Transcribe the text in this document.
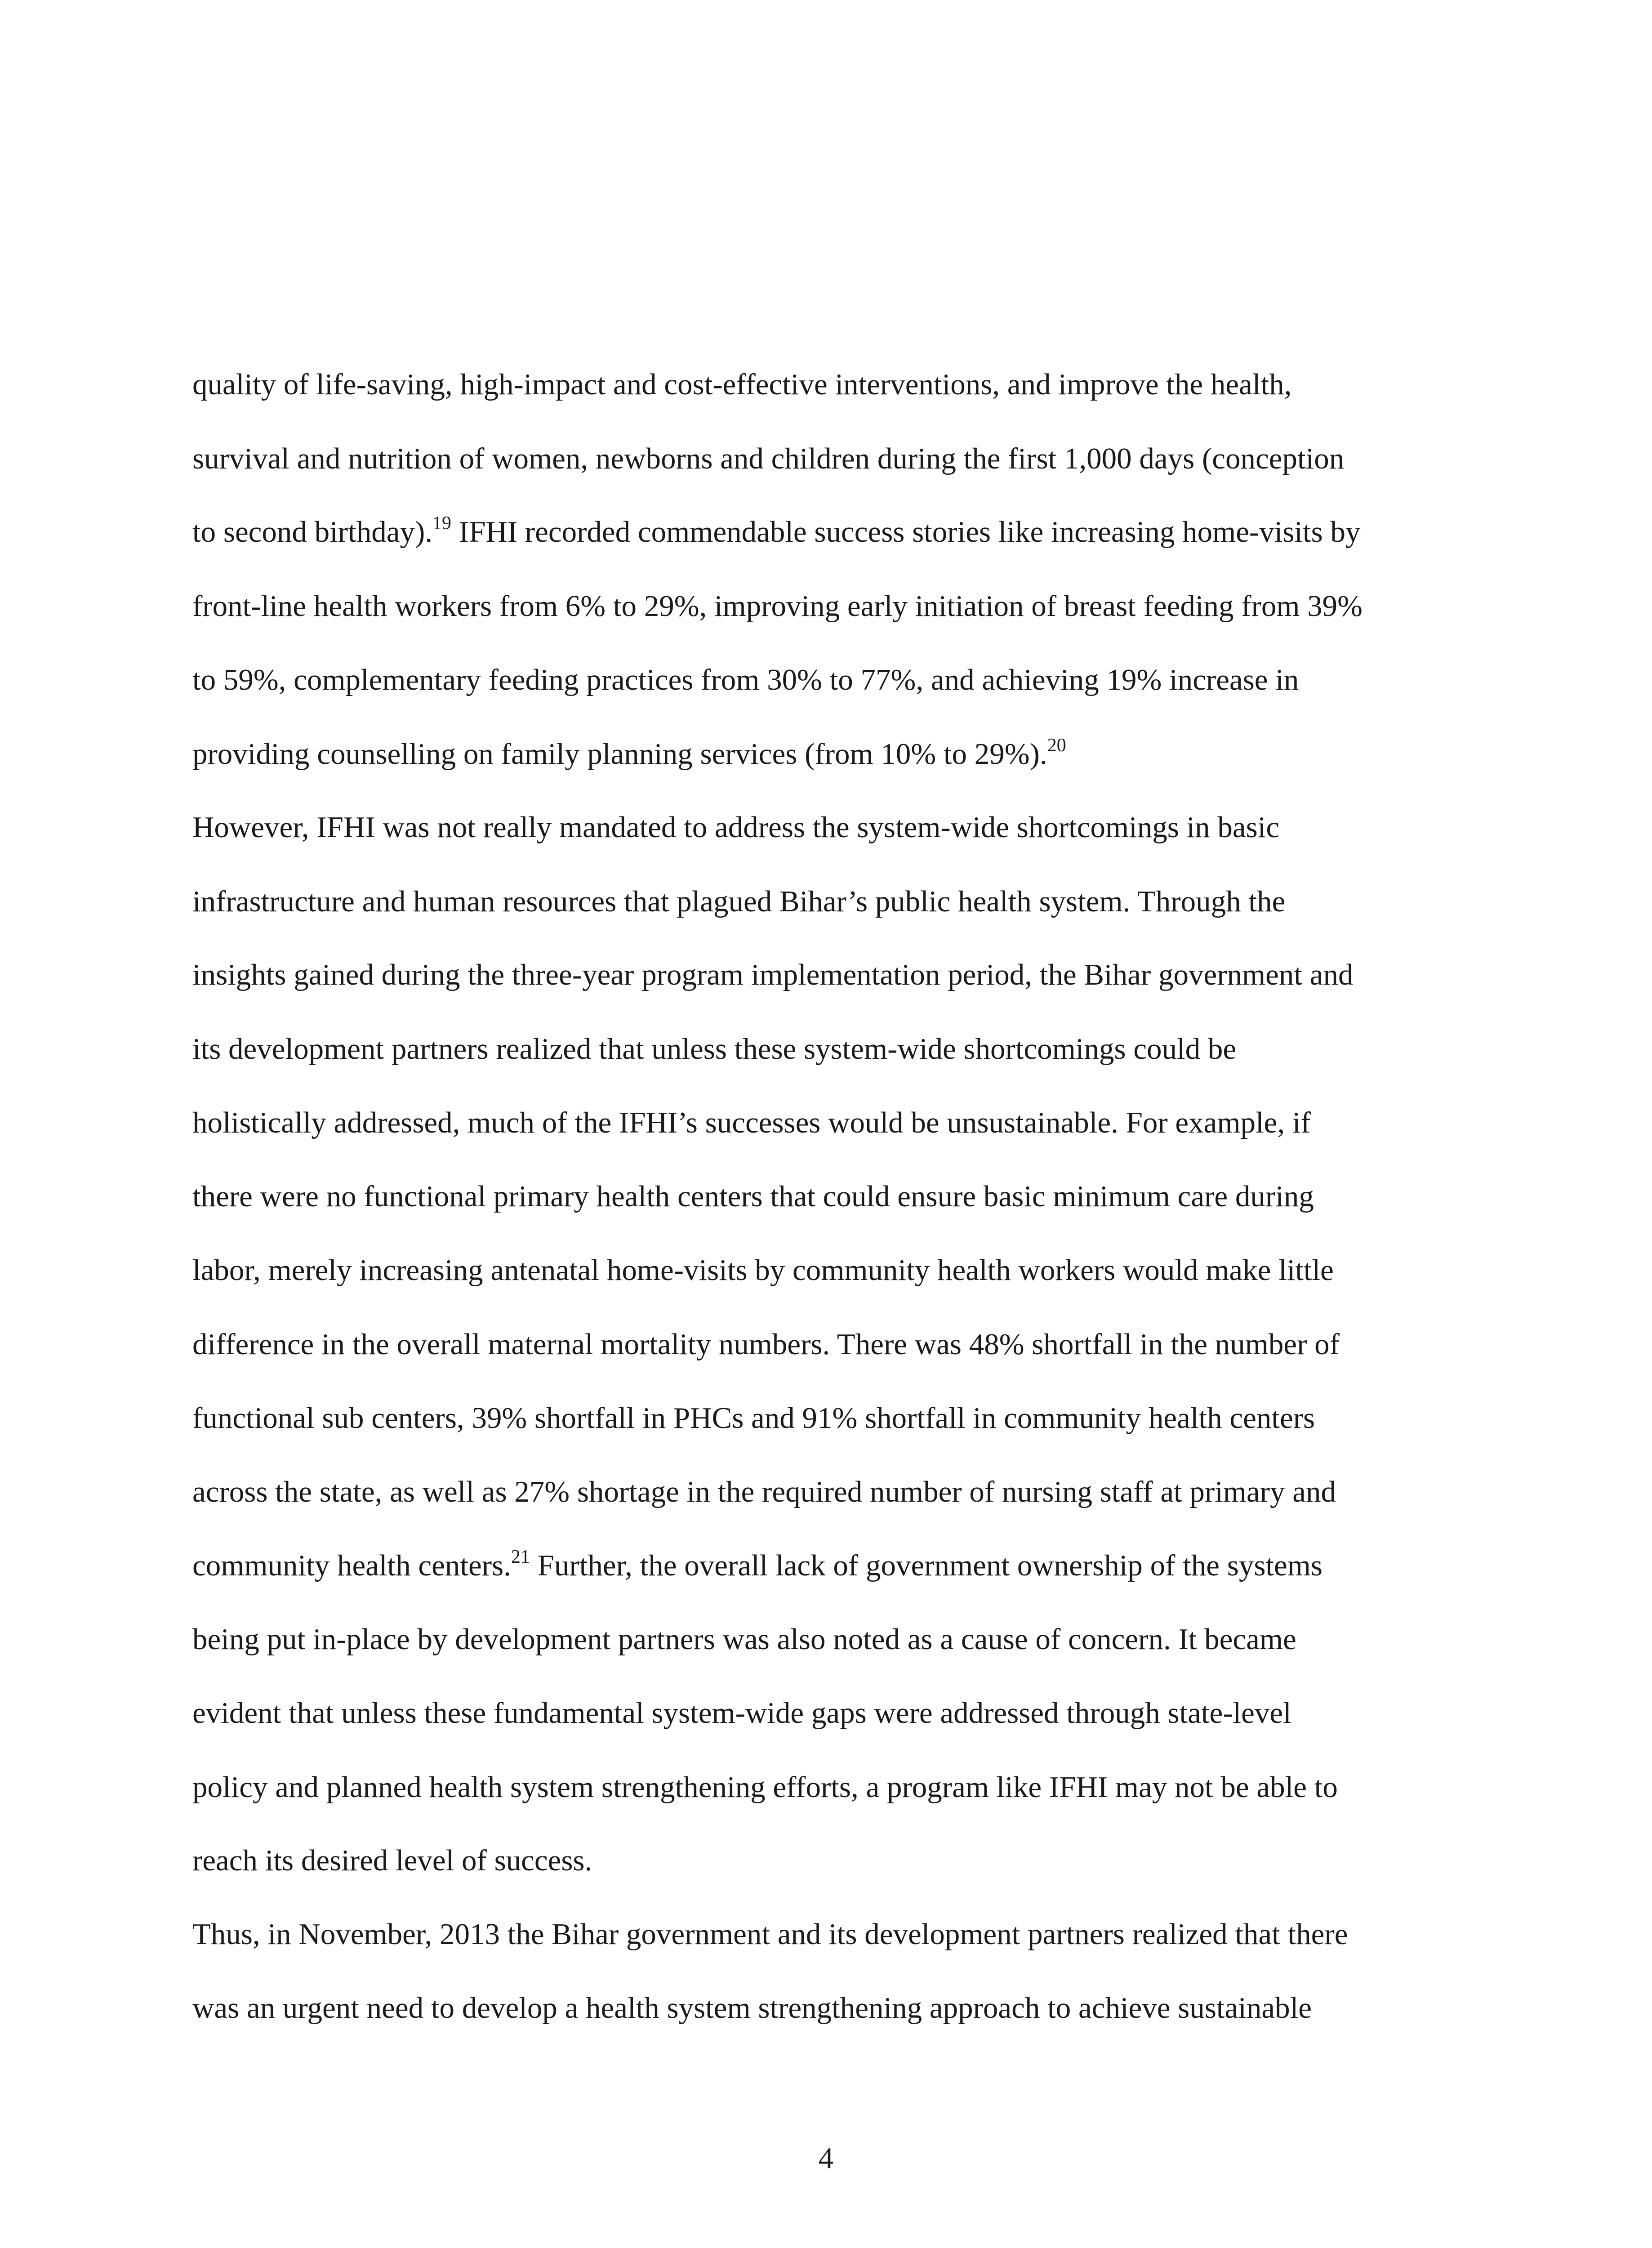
quality of life-saving, high-impact and cost-effective interventions, and improve the health,
survival and nutrition of women, newborns and children during the first 1,000 days (conception
to second birthday).$^{19}$ IFHI recorded commendable success stories like increasing home-visits by
front-line health workers from 6% to 29%, improving early initiation of breast feeding from 39%
to 59%, complementary feeding practices from 30% to 77%, and achieving 19% increase in
providing counselling on family planning services (from 10% to 29%).$^{20}$
However, IFHI was not really mandated to address the system-wide shortcomings in basic
infrastructure and human resources that plagued Bihar’s public health system. Through the
insights gained during the three-year program implementation period, the Bihar government and
its development partners realized that unless these system-wide shortcomings could be
holistically addressed, much of the IFHI’s successes would be unsustainable. For example, if
there were no functional primary health centers that could ensure basic minimum care during
labor, merely increasing antenatal home-visits by community health workers would make little
difference in the overall maternal mortality numbers. There was 48% shortfall in the number of
functional sub centers, 39% shortfall in PHCs and 91% shortfall in community health centers
across the state, as well as 27% shortage in the required number of nursing staff at primary and
community health centers.$^{21}$ Further, the overall lack of government ownership of the systems
being put in-place by development partners was also noted as a cause of concern. It became
evident that unless these fundamental system-wide gaps were addressed through state-level
policy and planned health system strengthening efforts, a program like IFHI may not be able to
reach its desired level of success.
Thus, in November, 2013 the Bihar government and its development partners realized that there
was an urgent need to develop a health system strengthening approach to achieve sustainable
4
